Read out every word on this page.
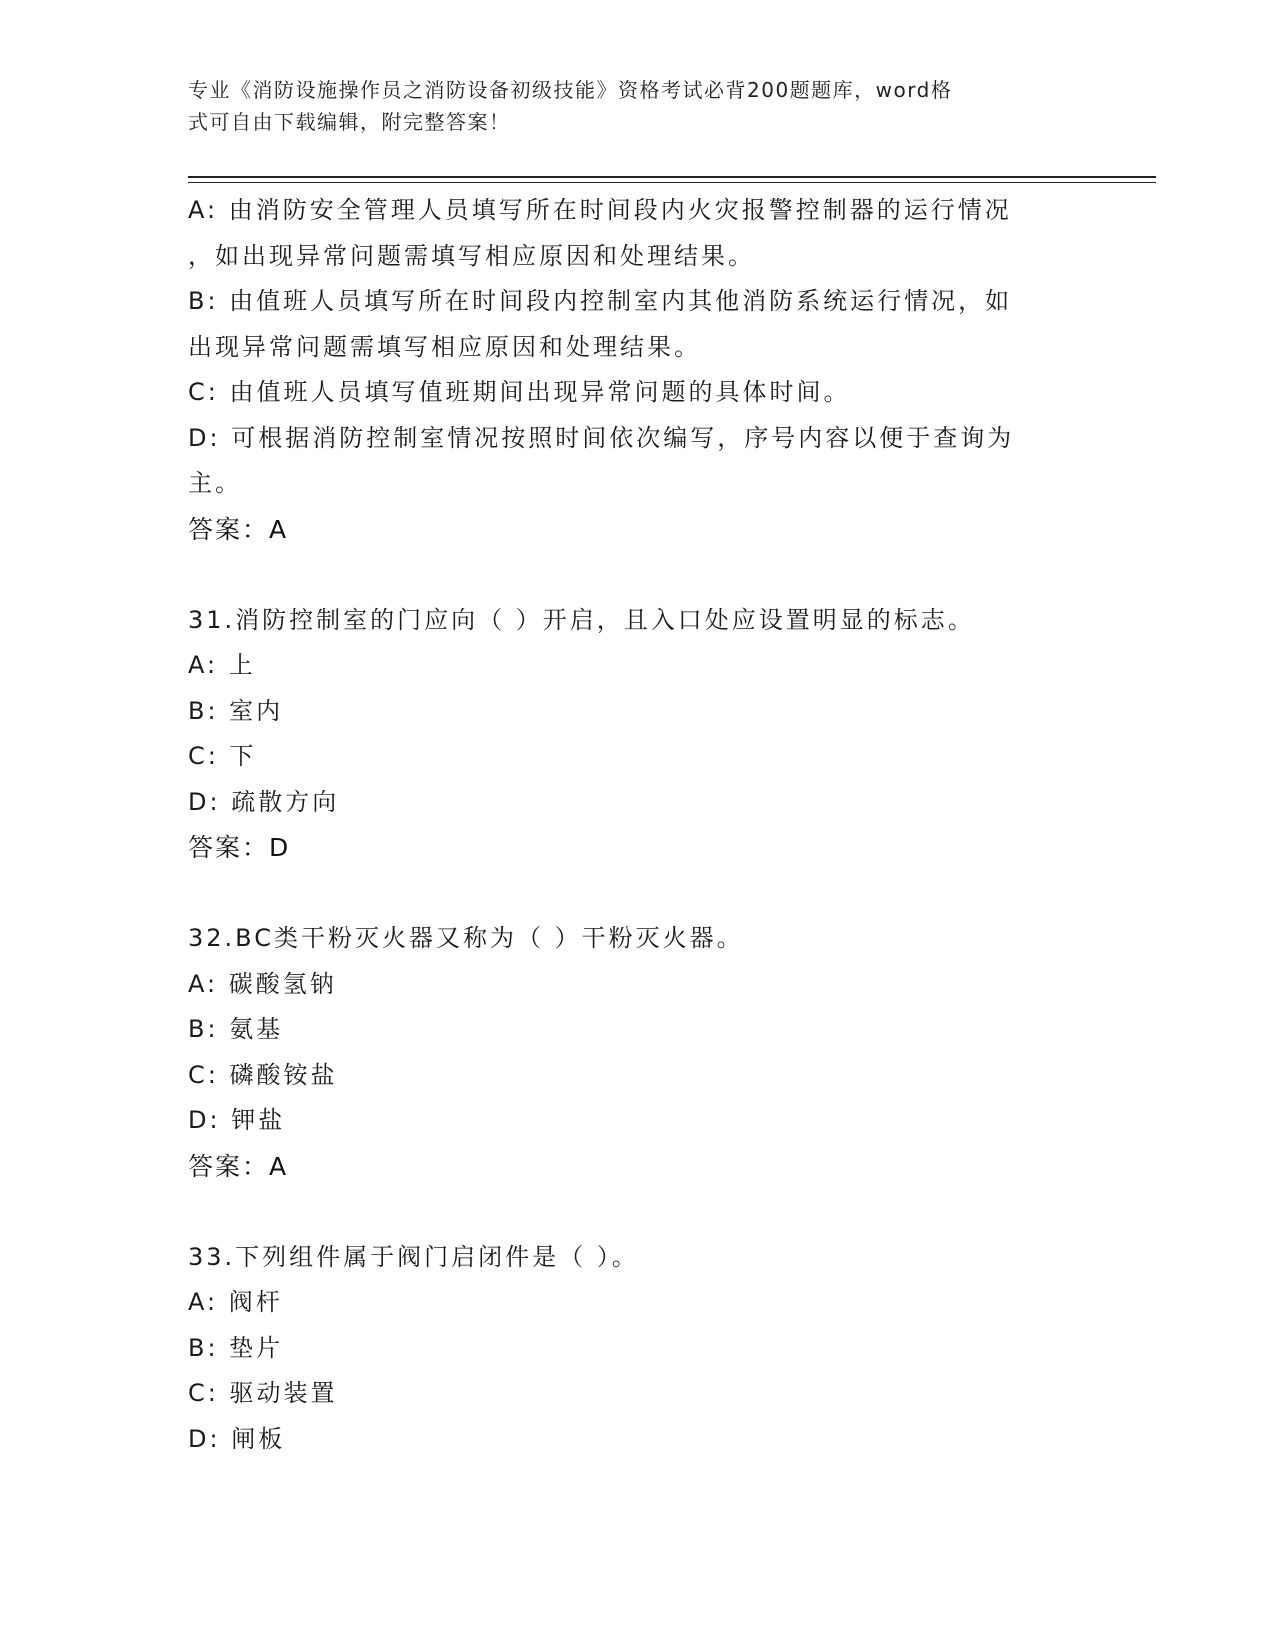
专业《消防设施操作员之消防设备初级技能》资格考试必背200题题库，word格
式可自由下载编辑，附完整答案！
A: 由消防安全管理人员填写所在时间段内火灾报警控制器的运行情况
，如出现异常问题需填写相应原因和处理结果。
B: 由值班人员填写所在时间段内控制室内其他消防系统运行情况，如
出现异常问题需填写相应原因和处理结果。
C: 由值班人员填写值班期间出现异常问题的具体时间。
D: 可根据消防控制室情况按照时间依次编写，序号内容以便于查询为
主。
答案：A
31.消防控制室的门应向（ ）开启，且入口处应设置明显的标志。
A: 上
B: 室内
C: 下
D: 疏散方向
答案：D
32.BC类干粉灭火器又称为（ ）干粉灭火器。
A: 碳酸氢钠
B: 氨基
C: 磷酸铵盐
D: 钾盐
答案：A
33.下列组件属于阀门启闭件是（ ）。
A: 阀杆
B: 垫片
C: 驱动装置
D: 闸板
